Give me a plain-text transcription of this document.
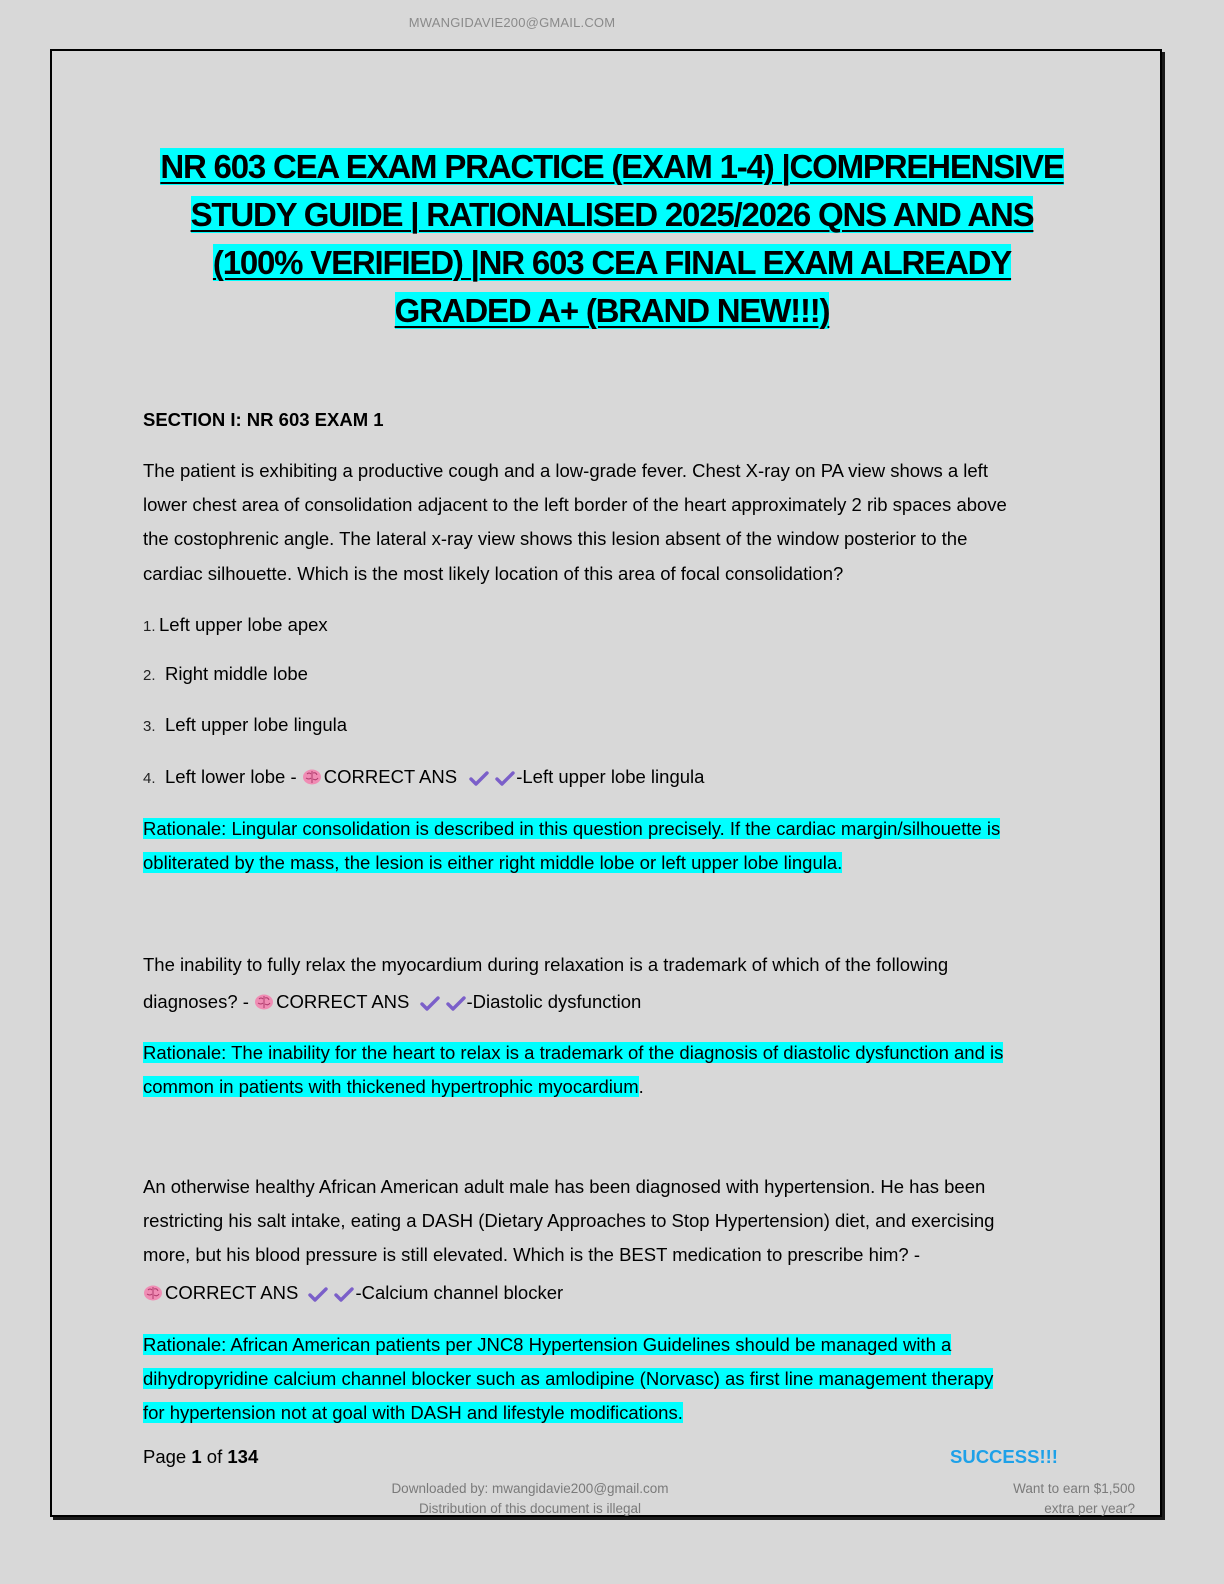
MWANGIDAVIE200@GMAIL.COM
NR 603 CEA EXAM PRACTICE (EXAM 1-4) |COMPREHENSIVE
STUDY GUIDE | RATIONALISED 2025/2026 QNS AND ANS
(100% VERIFIED) |NR 603 CEA FINAL EXAM ALREADY
GRADED A+ (BRAND NEW!!!)
SECTION I: NR 603 EXAM 1
The patient is exhibiting a productive cough and a low-grade fever. Chest X-ray on PA view shows a left
lower chest area of consolidation adjacent to the left border of the heart approximately 2 rib spaces above
the costophrenic angle. The lateral x-ray view shows this lesion absent of the window posterior to the
cardiac silhouette. Which is the most likely location of this area of focal consolidation?
1. Left upper lobe apex
2. Right middle lobe
3. Left upper lobe lingula
4. Left lower lobe - CORRECT ANS	-Left upper lobe lingula
Rationale: Lingular consolidation is described in this question precisely. If the cardiac margin/silhouette is
obliterated by the mass, the lesion is either right middle lobe or left upper lobe lingula.
The inability to fully relax the myocardium during relaxation is a trademark of which of the following
diagnoses? - CORRECT ANS	-Diastolic dysfunction
Rationale: The inability for the heart to relax is a trademark of the diagnosis of diastolic dysfunction and is
common in patients with thickened hypertrophic myocardium.
An otherwise healthy African American adult male has been diagnosed with hypertension. He has been
restricting his salt intake, eating a DASH (Dietary Approaches to Stop Hypertension) diet, and exercising
more, but his blood pressure is still elevated. Which is the BEST medication to prescribe him? -
CORRECT ANS	-Calcium channel blocker
Rationale: African American patients per JNC8 Hypertension Guidelines should be managed with a
dihydropyridine calcium channel blocker such as amlodipine (Norvasc) as first line management therapy
for hypertension not at goal with DASH and lifestyle modifications.
Page 1 of 134	SUCCESS!!!
Downloaded by: mwangidavie200@gmail.com
Distribution of this document is illegal
Want to earn $1,500
extra per year?
